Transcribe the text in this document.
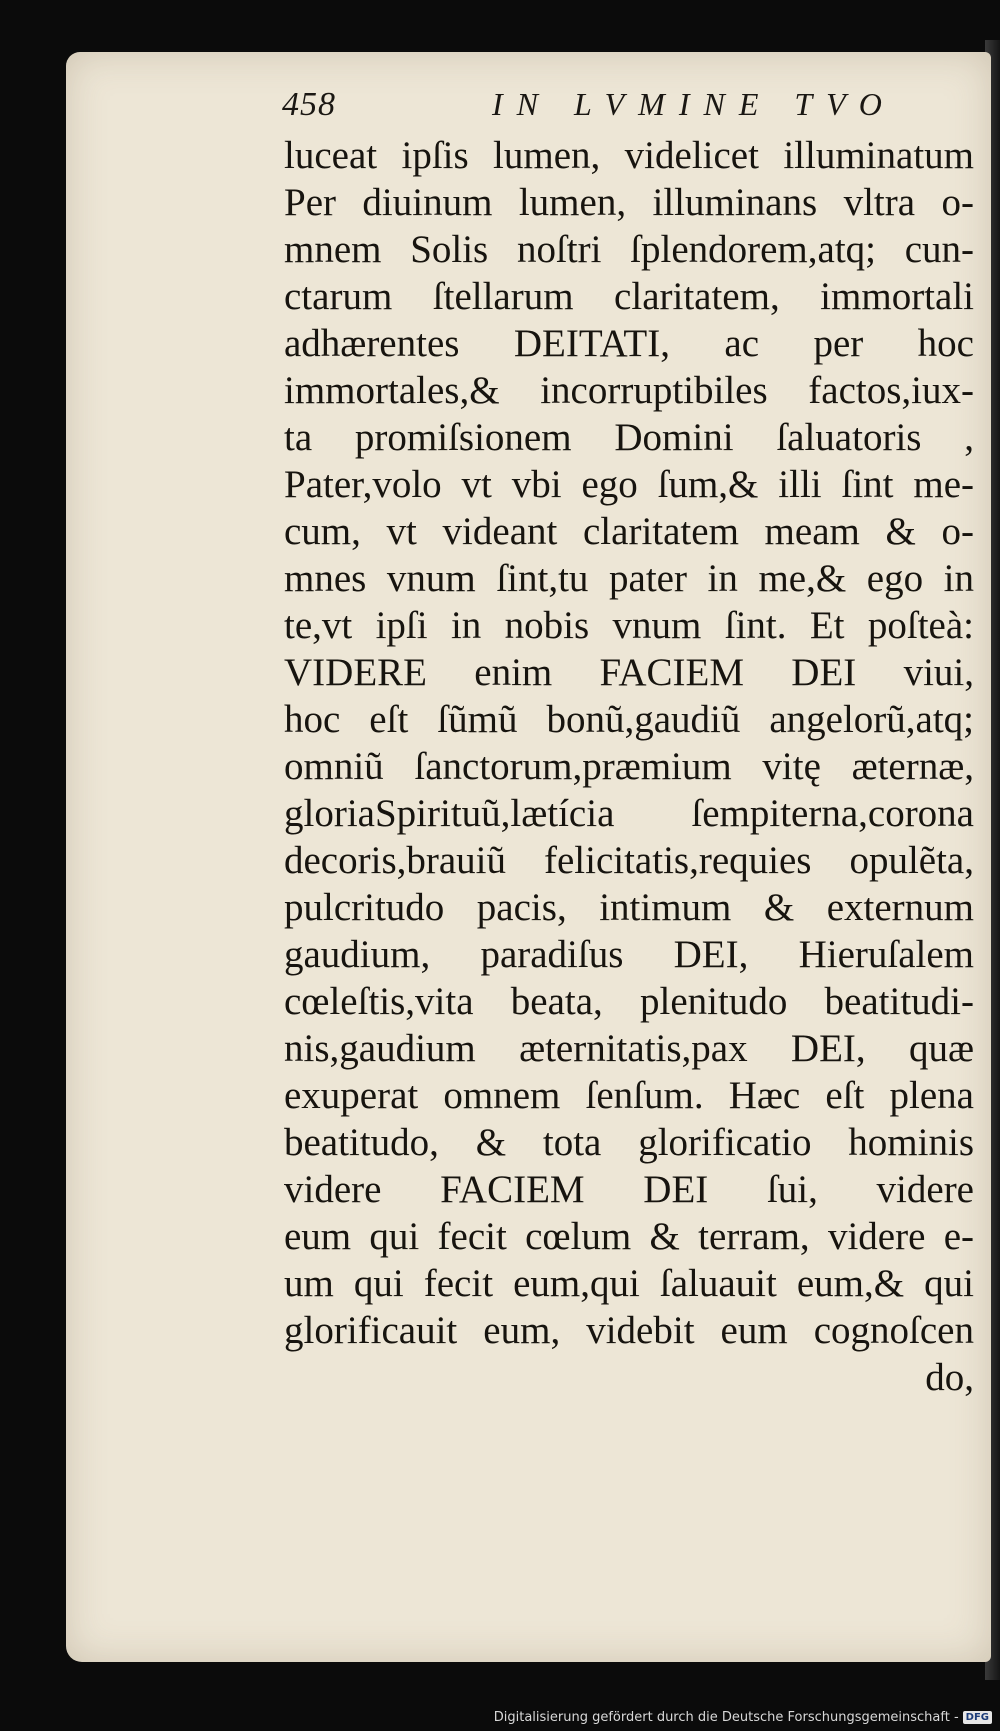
458	IN LVMINE TVO
luceat ipſis lumen, videlicet illuminatum
Per diuinum lumen, illuminans vltra o-
mnem Solis noſtri ſplendorem,atq; cun-
ctarum ſtellarum claritatem, immortali
adhærentes DEITATI, ac per hoc
immortales,& incorruptibiles factos,iux-
ta promiſsionem Domini ſaluatoris ,
Pater,volo vt vbi ego ſum,& illi ſint me-
cum, vt videant claritatem meam & o-
mnes vnum ſint,tu pater in me,& ego in
te,vt ipſi in nobis vnum ſint. Et poſteà:
VIDERE enim FACIEM DEI viui,
hoc eſt ſũmũ bonũ,gaudiũ angelorũ,atq;
omniũ ſanctorum,præmium vitę æternæ,
gloriaSpirituũ,lætícia ſempiterna,corona
decoris,brauiũ felicitatis,requies opulẽta,
pulcritudo pacis, intimum & externum
gaudium, paradiſus DEI, Hieruſalem
cœleſtis,vita beata, plenitudo beatitudi-
nis,gaudium æternitatis,pax DEI, quæ
exuperat omnem ſenſum. Hæc eſt plena
beatitudo, & tota glorificatio hominis
videre FACIEM DEI ſui, videre
eum qui fecit cœlum & terram, videre e-
um qui fecit eum,qui ſaluauit eum,& qui
glorificauit eum, videbit eum cognoſcen
do,
Digitalisierung gefördert durch die Deutsche Forschungsgemeinschaft - DFG
